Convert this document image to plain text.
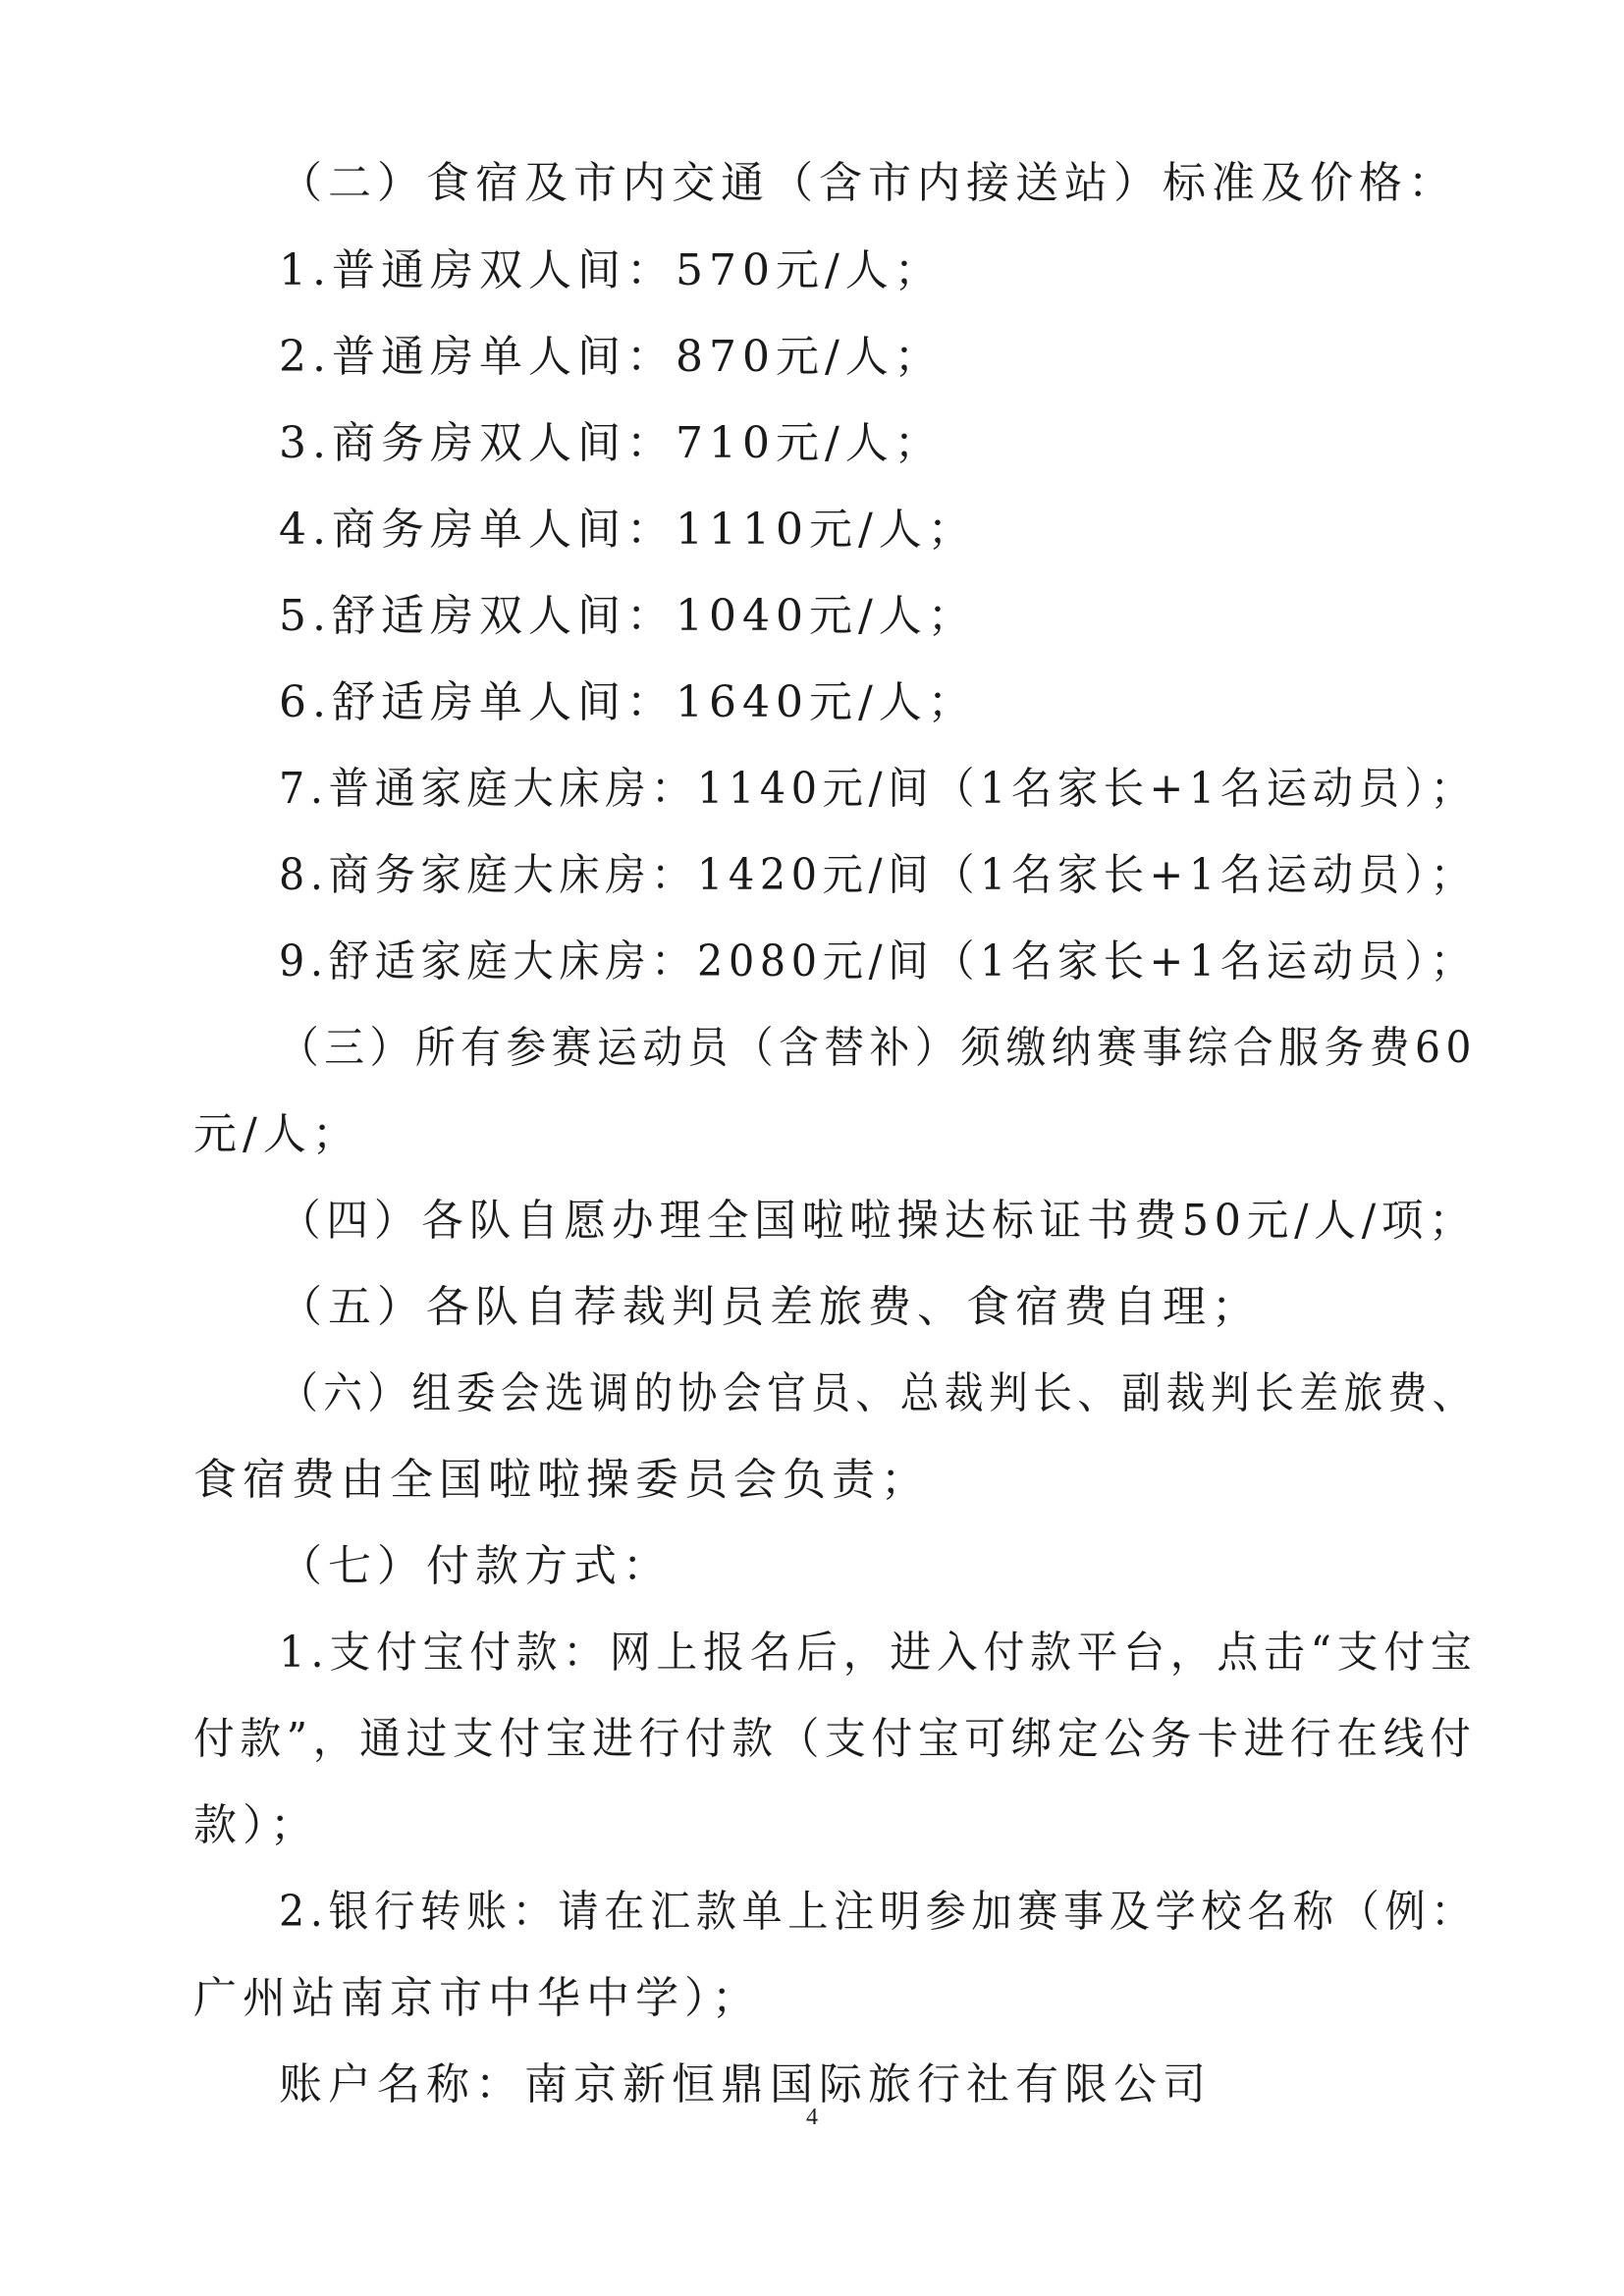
（二）食宿及市内交通（含市内接送站）标准及价格：
1.普通房双人间：570元/人；
2.普通房单人间：870元/人；
3.商务房双人间：710元/人；
4.商务房单人间：1110元/人；
5.舒适房双人间：1040元/人；
6.舒适房单人间：1640元/人；
7.普通家庭大床房：1140元/间（1名家长+1名运动员）；
8.商务家庭大床房：1420元/间（1名家长+1名运动员）；
9.舒适家庭大床房：2080元/间（1名家长+1名运动员）；
（三）所有参赛运动员（含替补）须缴纳赛事综合服务费60
元/人；
（四）各队自愿办理全国啦啦操达标证书费50元/人/项；
（五）各队自荐裁判员差旅费、食宿费自理；
（六）组委会选调的协会官员、总裁判长、副裁判长差旅费、
食宿费由全国啦啦操委员会负责；
（七）付款方式：
1.支付宝付款：网上报名后，进入付款平台，点击“支付宝
付款”，通过支付宝进行付款（支付宝可绑定公务卡进行在线付
款）；
2.银行转账：请在汇款单上注明参加赛事及学校名称（例：
广州站南京市中华中学）；
账户名称：南京新恒鼎国际旅行社有限公司
4
